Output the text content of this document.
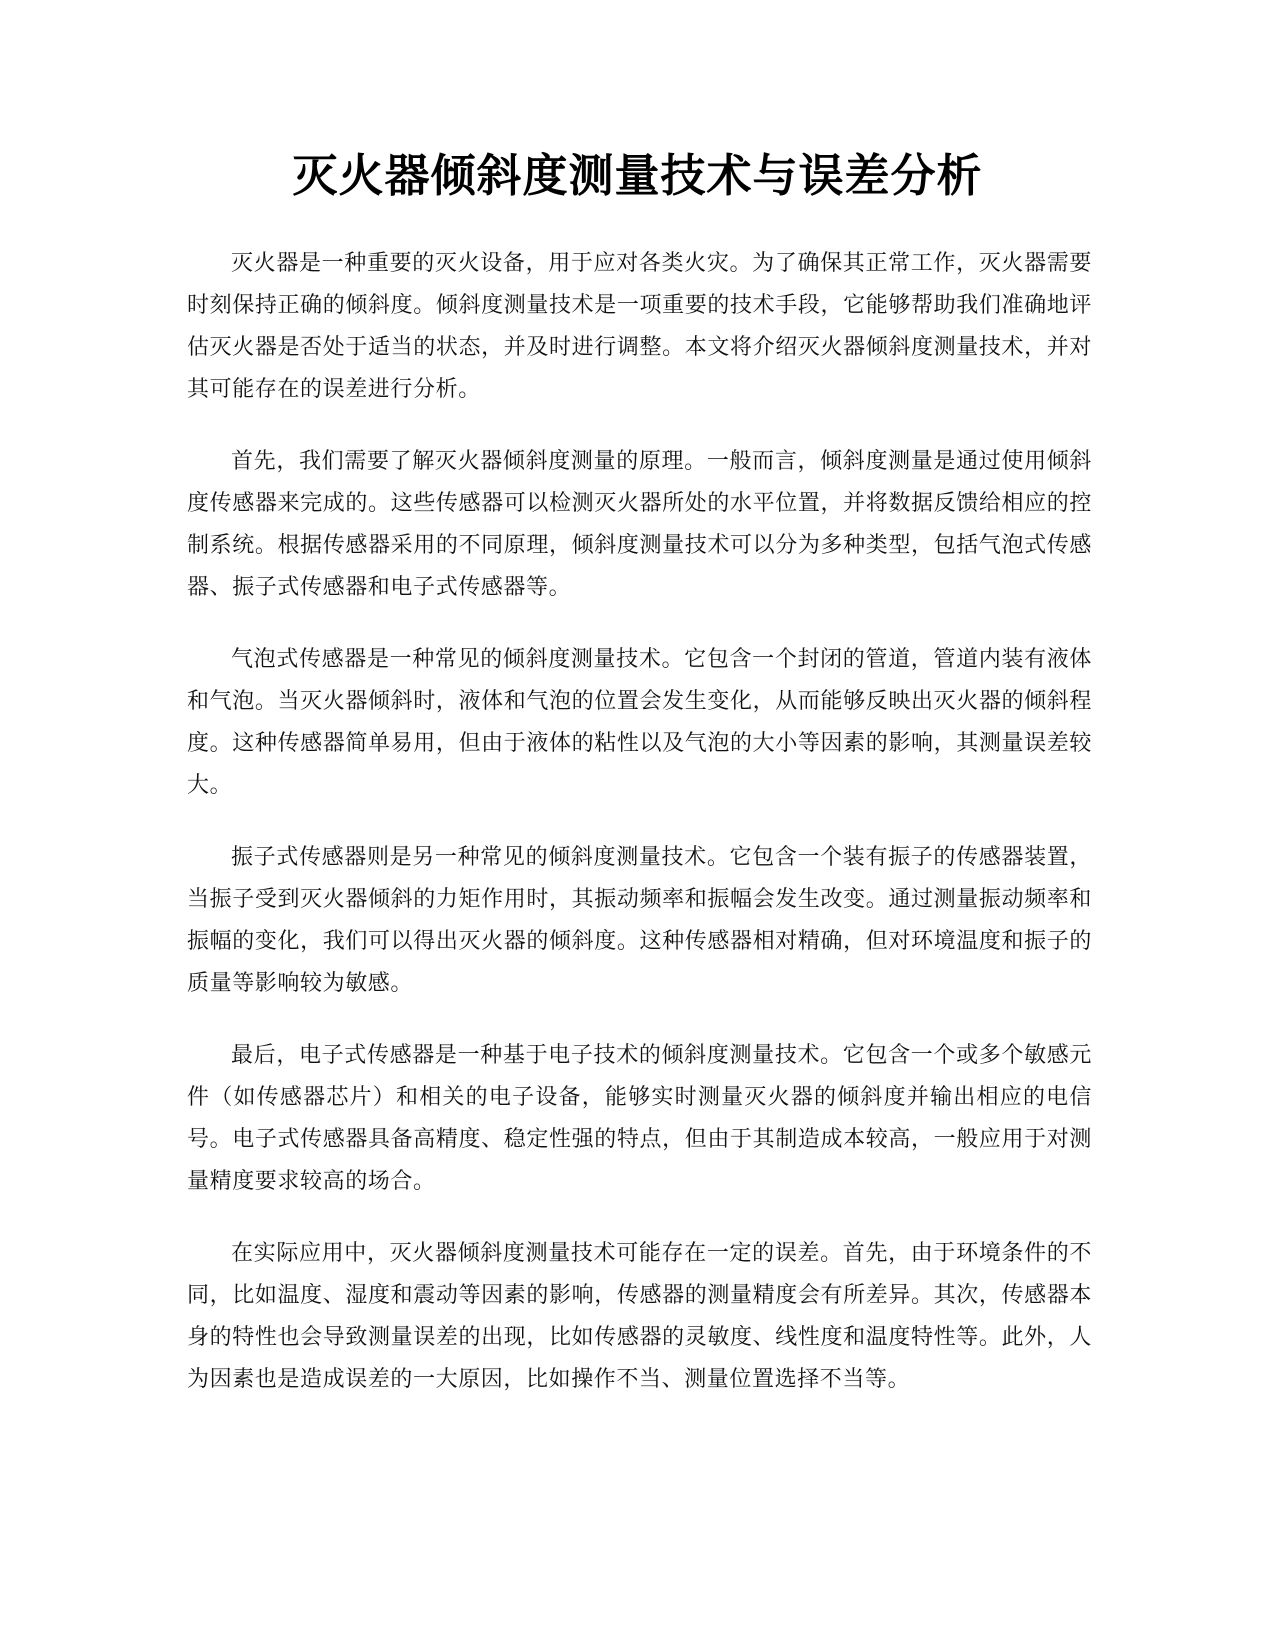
灭火器倾斜度测量技术与误差分析

灭火器是一种重要的灭火设备，用于应对各类火灾。为了确保其正常工作，灭火器需要时刻保持正确的倾斜度。倾斜度测量技术是一项重要的技术手段，它能够帮助我们准确地评估灭火器是否处于适当的状态，并及时进行调整。本文将介绍灭火器倾斜度测量技术，并对其可能存在的误差进行分析。

首先，我们需要了解灭火器倾斜度测量的原理。一般而言，倾斜度测量是通过使用倾斜度传感器来完成的。这些传感器可以检测灭火器所处的水平位置，并将数据反馈给相应的控制系统。根据传感器采用的不同原理，倾斜度测量技术可以分为多种类型，包括气泡式传感器、振子式传感器和电子式传感器等。

气泡式传感器是一种常见的倾斜度测量技术。它包含一个封闭的管道，管道内装有液体和气泡。当灭火器倾斜时，液体和气泡的位置会发生变化，从而能够反映出灭火器的倾斜程度。这种传感器简单易用，但由于液体的粘性以及气泡的大小等因素的影响，其测量误差较大。

振子式传感器则是另一种常见的倾斜度测量技术。它包含一个装有振子的传感器装置，当振子受到灭火器倾斜的力矩作用时，其振动频率和振幅会发生改变。通过测量振动频率和振幅的变化，我们可以得出灭火器的倾斜度。这种传感器相对精确，但对环境温度和振子的质量等影响较为敏感。

最后，电子式传感器是一种基于电子技术的倾斜度测量技术。它包含一个或多个敏感元件（如传感器芯片）和相关的电子设备，能够实时测量灭火器的倾斜度并输出相应的电信号。电子式传感器具备高精度、稳定性强的特点，但由于其制造成本较高，一般应用于对测量精度要求较高的场合。

在实际应用中，灭火器倾斜度测量技术可能存在一定的误差。首先，由于环境条件的不同，比如温度、湿度和震动等因素的影响，传感器的测量精度会有所差异。其次，传感器本身的特性也会导致测量误差的出现，比如传感器的灵敏度、线性度和温度特性等。此外，人为因素也是造成误差的一大原因，比如操作不当、测量位置选择不当等。
